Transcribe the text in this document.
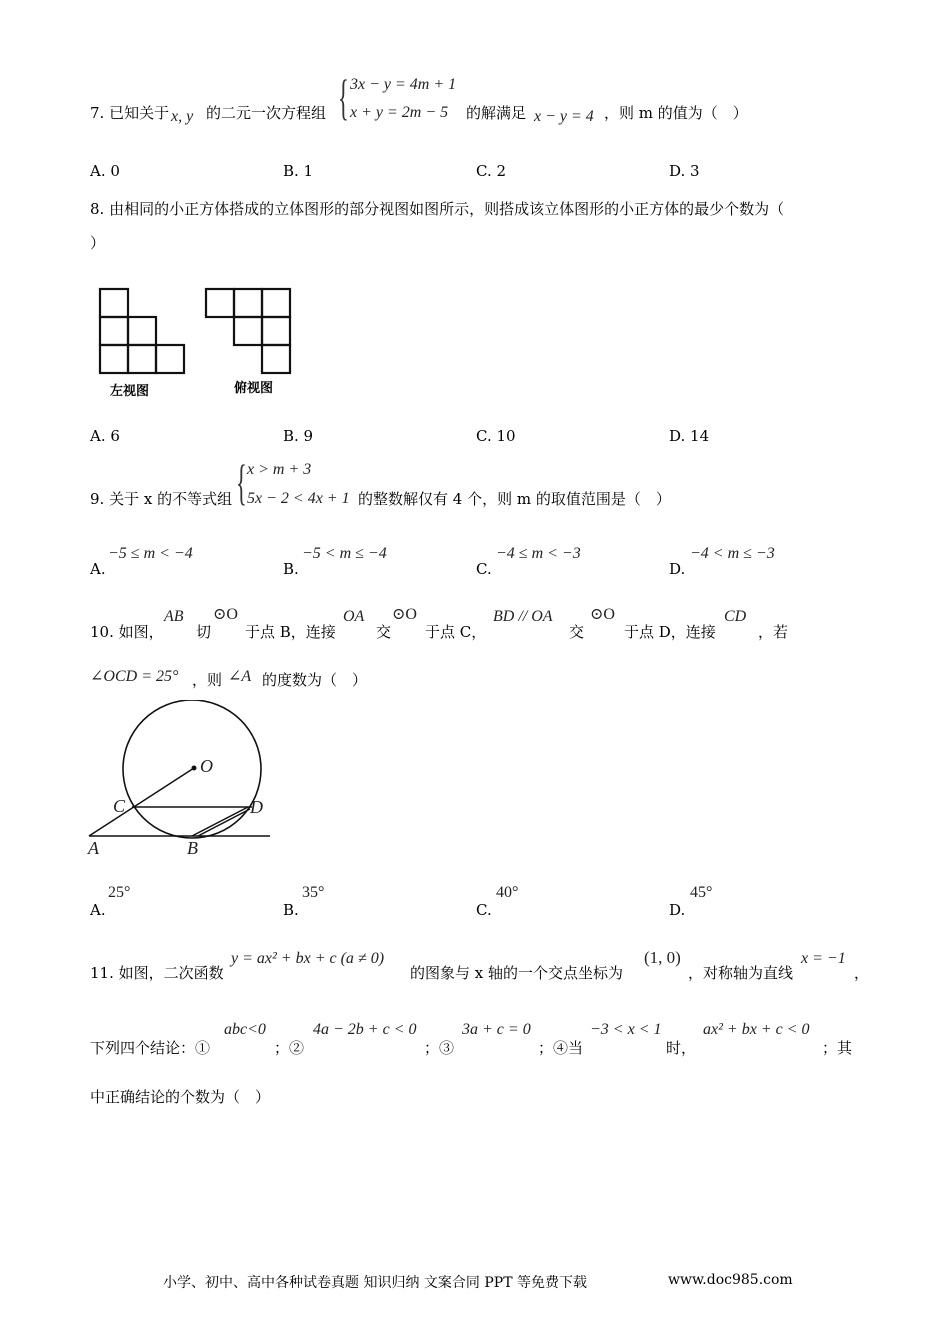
7. 已知关于 x, y 的二元一次方程组 { 3x − y = 4m + 1
x + y = 2m − 5 的解满足 x − y = 4 ，则 m 的值为（　）
A. 0	B. 1	C. 2	D. 3
8. 由相同的小正方体搭成的立体图形的部分视图如图所示，则搭成该立体图形的小正方体的最少个数为（
）
左视图	俯视图
A. 6	B. 9	C. 10	D. 14
9. 关于 x 的不等式组 { x > m + 3
5x − 2 < 4x + 1 的整数解仅有 4 个，则 m 的取值范围是（　）
A.
−5 ≤ m < −4
B.
−5 < m ≤ −4
C.
−4 ≤ m < −3
D.
−4 < m ≤ −3
10. 如图，
AB
切
⊙O
于点 B，连接
OA
交
⊙O
于点 C，
BD // OA
交
⊙O
于点 D，连接
CD
，若
∠OCD = 25° ，则 ∠A 的度数为（　）
O
C	D
A	B
A.
25°
B.
35°
C.
40°
D.
45°
11. 如图，二次函数
y = ax² + bx + c (a ≠ 0)
的图象与 x 轴的一个交点坐标为
(1, 0)
，对称轴为直线
x = −1
，
下列四个结论：①
abc<0
；②
4a − 2b + c < 0
；③
3a + c = 0
；④当
−3 < x < 1
时，
ax² + bx + c < 0
；其
中正确结论的个数为（　）
小学、初中、高中各种试卷真题 知识归纳 文案合同 PPT 等免费下载	www.doc985.com
